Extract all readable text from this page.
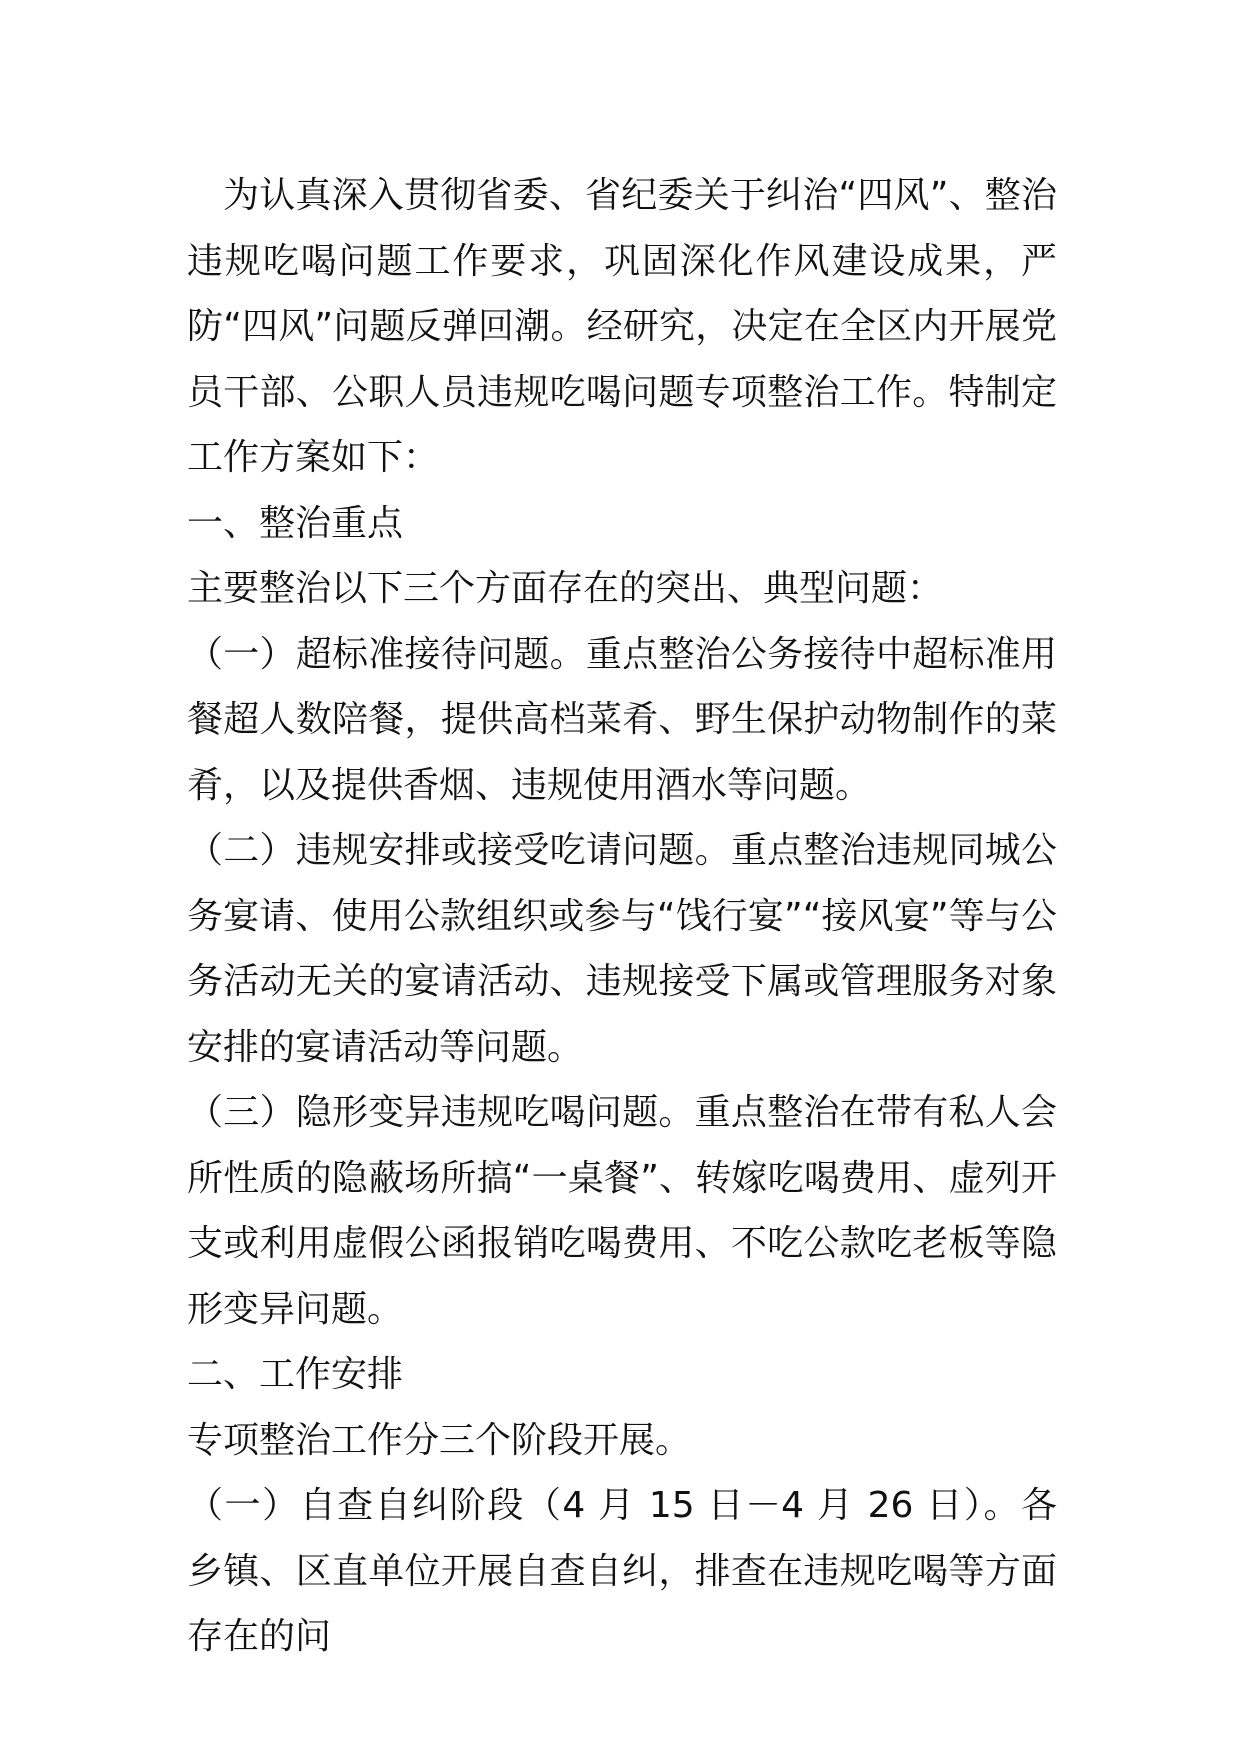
为认真深入贯彻省委、省纪委关于纠治“四风”、整治违规吃喝问题工作要求，巩固深化作风建设成果，严防“四风”问题反弹回潮。经研究，决定在全区内开展党员干部、公职人员违规吃喝问题专项整治工作。特制定工作方案如下：

一、整治重点

主要整治以下三个方面存在的突出、典型问题：

（一）超标准接待问题。重点整治公务接待中超标准用餐超人数陪餐，提供高档菜肴、野生保护动物制作的菜肴，以及提供香烟、违规使用酒水等问题。

（二）违规安排或接受吃请问题。重点整治违规同城公务宴请、使用公款组织或参与“饯行宴”“接风宴”等与公务活动无关的宴请活动、违规接受下属或管理服务对象安排的宴请活动等问题。

（三）隐形变异违规吃喝问题。重点整治在带有私人会所性质的隐蔽场所搞“一桌餐”、转嫁吃喝费用、虚列开支或利用虚假公函报销吃喝费用、不吃公款吃老板等隐形变异问题。

二、工作安排

专项整治工作分三个阶段开展。

（一）自查自纠阶段（4 月 15 日－4 月 26 日）。各乡镇、区直单位开展自查自纠，排查在违规吃喝等方面存在的问
